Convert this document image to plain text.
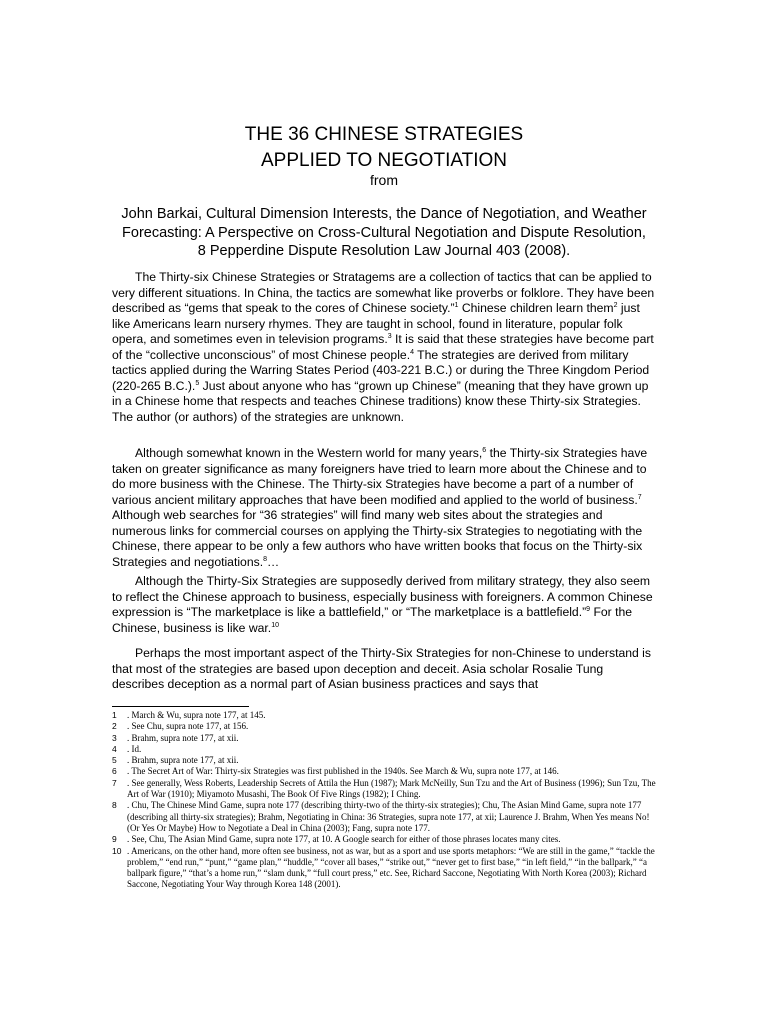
THE 36 CHINESE STRATEGIES
APPLIED TO NEGOTIATION
from
John Barkai, Cultural Dimension Interests, the Dance of Negotiation, and Weather Forecasting: A Perspective on Cross-Cultural Negotiation and Dispute Resolution, 8 Pepperdine Dispute Resolution Law Journal 403 (2008).

The Thirty-six Chinese Strategies or Stratagems are a collection of tactics that can be applied to very different situations. In China, the tactics are somewhat like proverbs or folklore. They have been described as “gems that speak to the cores of Chinese society.”$^1$ Chinese children learn them$^2$ just like Americans learn nursery rhymes. They are taught in school, found in literature, popular folk opera, and sometimes even in television programs.$^3$ It is said that these strategies have become part of the “collective unconscious” of most Chinese people.$^4$ The strategies are derived from military tactics applied during the Warring States Period (403-221 B.C.) or during the Three Kingdom Period (220-265 B.C.).$^5$ Just about anyone who has “grown up Chinese” (meaning that they have grown up in a Chinese home that respects and teaches Chinese traditions) know these Thirty-six Strategies. The author (or authors) of the strategies are unknown.

Although somewhat known in the Western world for many years,$^6$ the Thirty-six Strategies have taken on greater significance as many foreigners have tried to learn more about the Chinese and to do more business with the Chinese. The Thirty-six Strategies have become a part of a number of various ancient military approaches that have been modified and applied to the world of business.$^7$ Although web searches for “36 strategies” will find many web sites about the strategies and numerous links for commercial courses on applying the Thirty-six Strategies to negotiating with the Chinese, there appear to be only a few authors who have written books that focus on the Thirty-six Strategies and negotiations.$^8$…

Although the Thirty-Six Strategies are supposedly derived from military strategy, they also seem to reflect the Chinese approach to business, especially business with foreigners. A common Chinese expression is “The marketplace is like a battlefield,” or “The marketplace is a battlefield.”$^9$ For the Chinese, business is like war.$^{10}$

Perhaps the most important aspect of the Thirty-Six Strategies for non-Chinese to understand is that most of the strategies are based upon deception and deceit. Asia scholar Rosalie Tung describes deception as a normal part of Asian business practices and says that

1	. March & Wu, supra note 177, at 145.
2	. See Chu, supra note 177, at 156.
3	. Brahm, supra note 177, at xii.
4	. Id.
5	. Brahm, supra note 177, at xii.
6	. The Secret Art of War: Thirty-six Strategies was first published in the 1940s. See March & Wu, supra note 177, at 146.
7	. See generally, Wess Roberts, Leadership Secrets of Attila the Hun (1987); Mark McNeilly, Sun Tzu and the Art of Business (1996); Sun Tzu, The Art of War (1910); Miyamoto Musashi, The Book Of Five Rings (1982); I Ching.
8	. Chu, The Chinese Mind Game, supra note 177 (describing thirty-two of the thirty-six strategies); Chu, The Asian Mind Game, supra note 177 (describing all thirty-six strategies); Brahm, Negotiating in China: 36 Strategies, supra note 177, at xii; Laurence J. Brahm, When Yes means No! (Or Yes Or Maybe) How to Negotiate a Deal in China (2003); Fang, supra note 177.
9	. See, Chu, The Asian Mind Game, supra note 177, at 10. A Google search for either of those phrases locates many cites.
10 . Americans, on the other hand, more often see business, not as war, but as a sport and use sports metaphors: “We are still in the game,” “tackle the problem,” “end run,” “punt,” “game plan,” “huddle,” “cover all bases,” “strike out,” “never get to first base,” “in left field,” “in the ballpark,” “a ballpark figure,” “that’s a home run,” “slam dunk,” “full court press,” etc. See, Richard Saccone, Negotiating With North Korea (2003); Richard Saccone, Negotiating Your Way through Korea 148 (2001).
